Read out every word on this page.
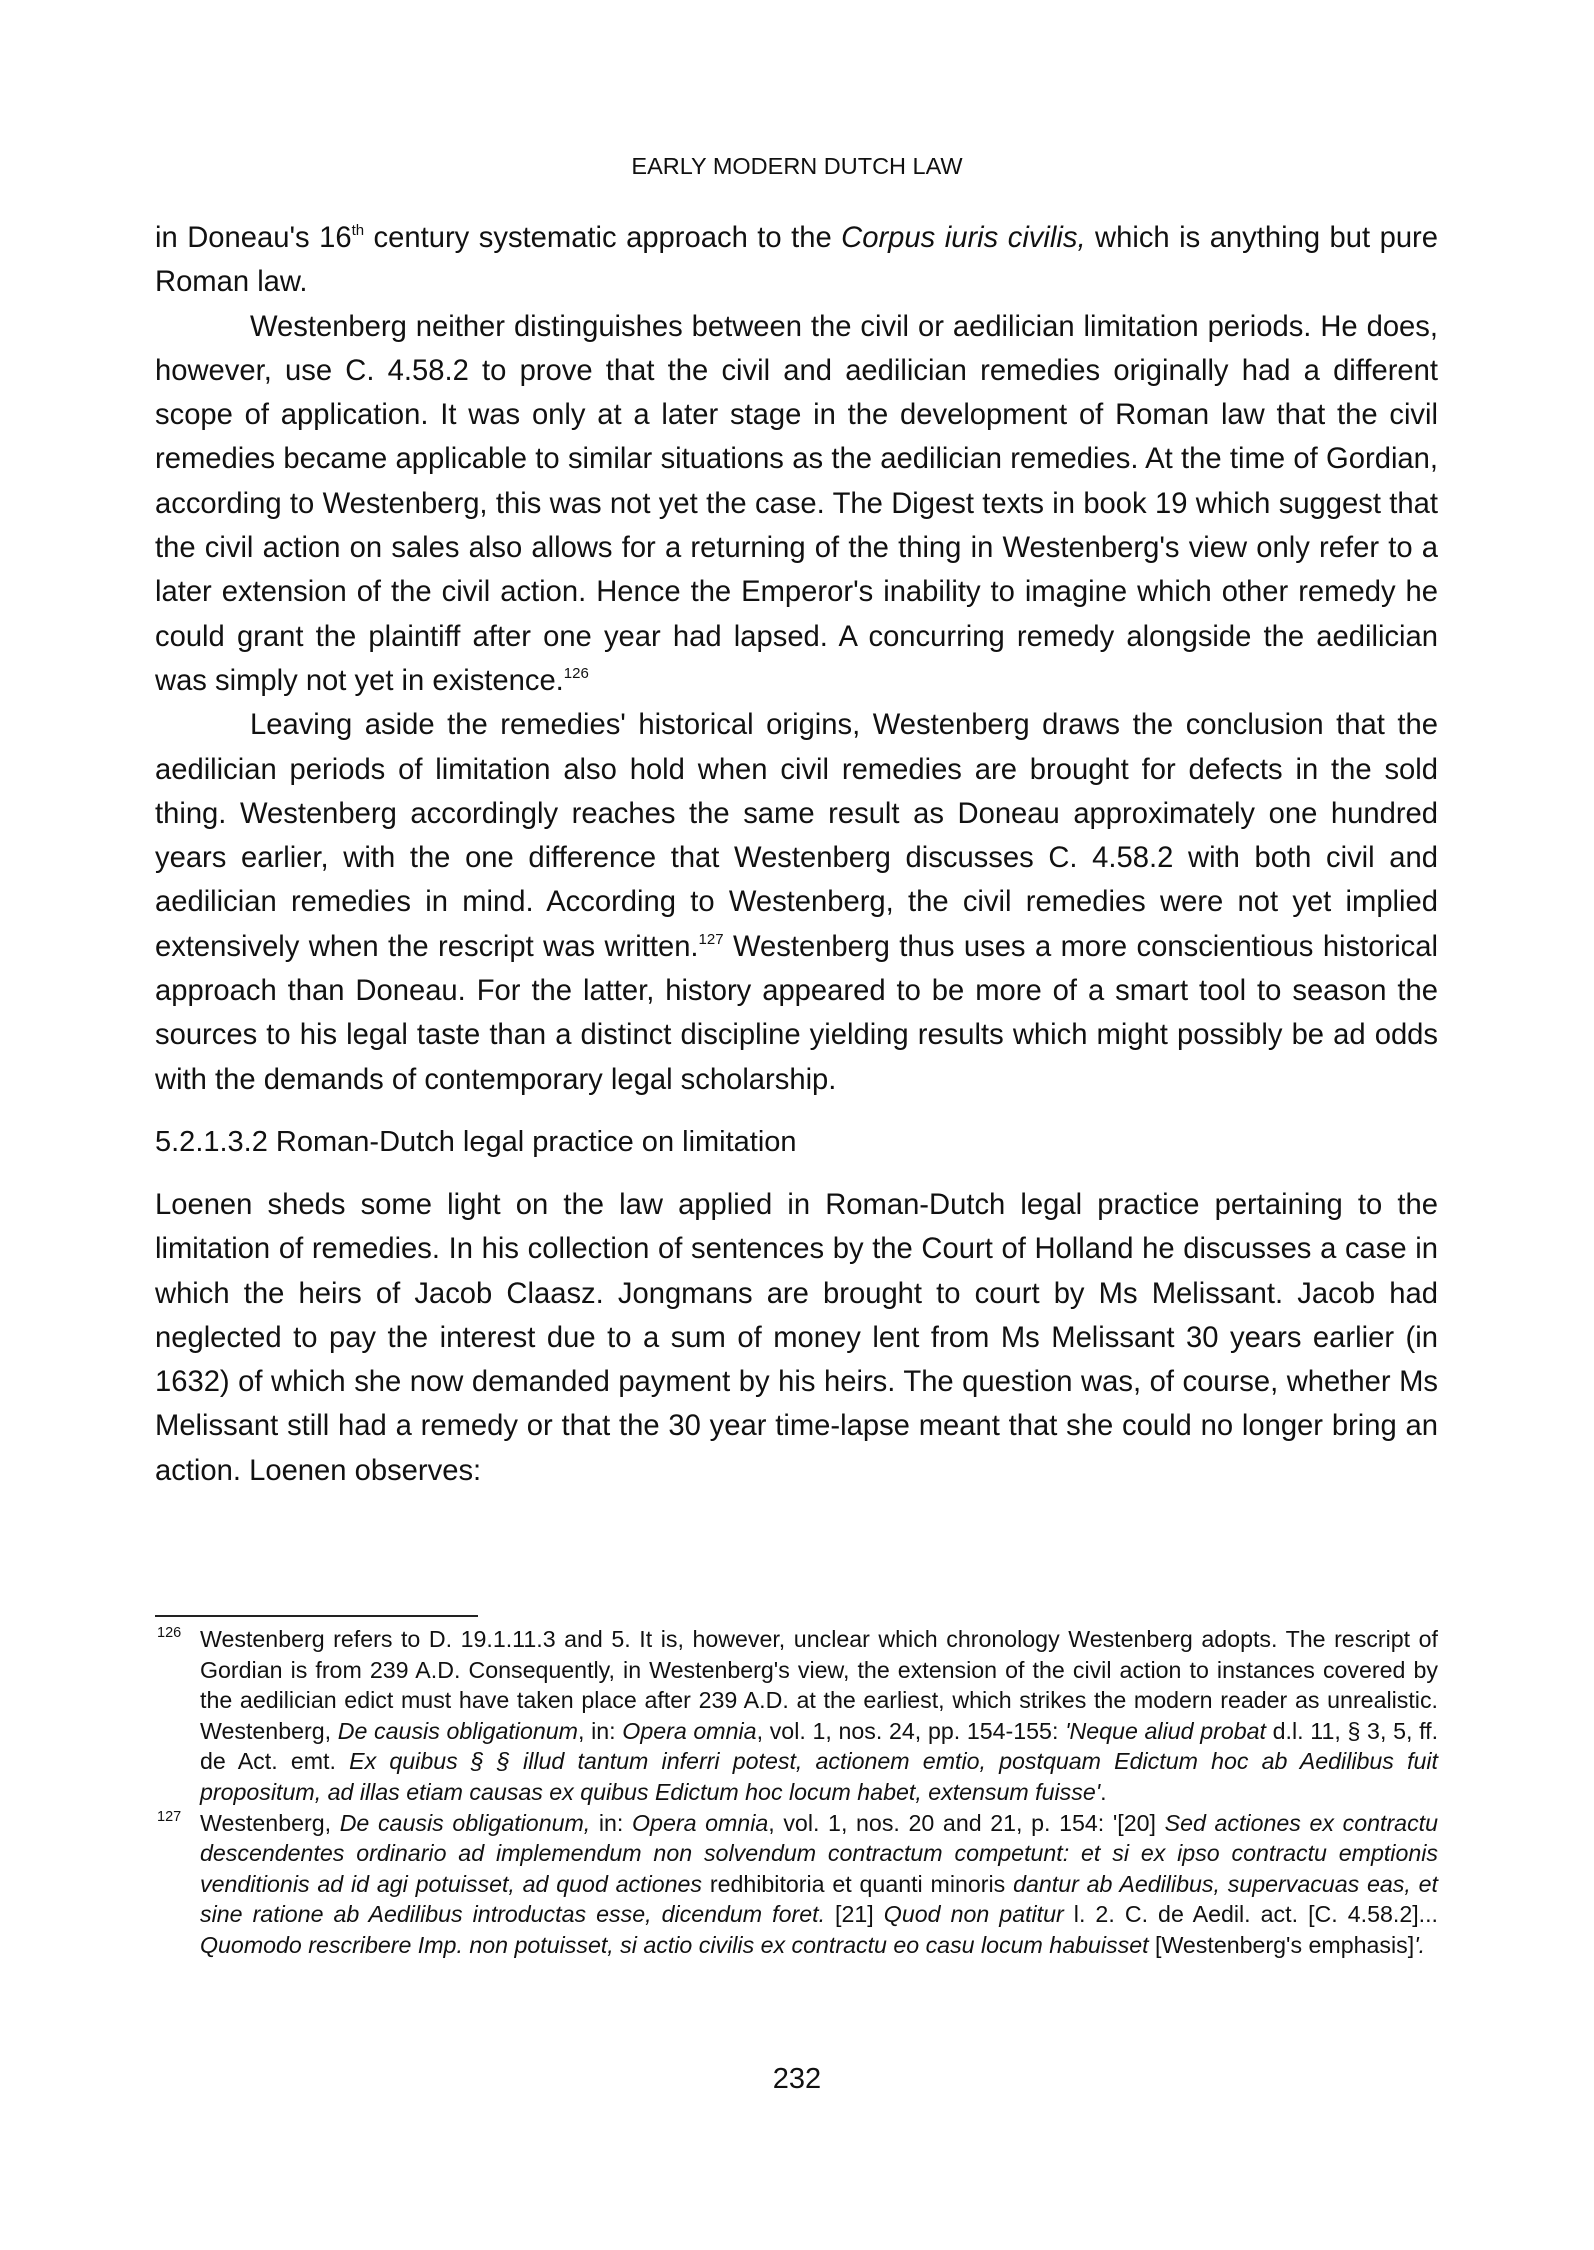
EARLY MODERN DUTCH LAW

in Doneau's 16th century systematic approach to the Corpus iuris civilis, which is anything but pure Roman law.

Westenberg neither distinguishes between the civil or aedilician limitation periods. He does, however, use C. 4.58.2 to prove that the civil and aedilician remedies originally had a different scope of application. It was only at a later stage in the development of Roman law that the civil remedies became applicable to similar situations as the aedilician remedies. At the time of Gordian, according to Westenberg, this was not yet the case. The Digest texts in book 19 which suggest that the civil action on sales also allows for a returning of the thing in Westenberg's view only refer to a later extension of the civil action. Hence the Emperor's inability to imagine which other remedy he could grant the plaintiff after one year had lapsed. A concurring remedy alongside the aedilician was simply not yet in existence.$^{126}$

Leaving aside the remedies' historical origins, Westenberg draws the conclusion that the aedilician periods of limitation also hold when civil remedies are brought for defects in the sold thing. Westenberg accordingly reaches the same result as Doneau approximately one hundred years earlier, with the one difference that Westenberg discusses C. 4.58.2 with both civil and aedilician remedies in mind. According to Westenberg, the civil remedies were not yet implied extensively when the rescript was written.$^{127}$ Westenberg thus uses a more conscientious historical approach than Doneau. For the latter, history appeared to be more of a smart tool to season the sources to his legal taste than a distinct discipline yielding results which might possibly be ad odds with the demands of contemporary legal scholarship.

5.2.1.3.2 Roman-Dutch legal practice on limitation

Loenen sheds some light on the law applied in Roman-Dutch legal practice pertaining to the limitation of remedies. In his collection of sentences by the Court of Holland he discusses a case in which the heirs of Jacob Claasz. Jongmans are brought to court by Ms Melissant. Jacob had neglected to pay the interest due to a sum of money lent from Ms Melissant 30 years earlier (in 1632) of which she now demanded payment by his heirs. The question was, of course, whether Ms Melissant still had a remedy or that the 30 year time-lapse meant that she could no longer bring an action. Loenen observes:

126 Westenberg refers to D. 19.1.11.3 and 5. It is, however, unclear which chronology Westenberg adopts. The rescript of Gordian is from 239 A.D. Consequently, in Westenberg's view, the extension of the civil action to instances covered by the aedilician edict must have taken place after 239 A.D. at the earliest, which strikes the modern reader as unrealistic. Westenberg, De causis obligationum, in: Opera omnia, vol. 1, nos. 24, pp. 154-155: 'Neque aliud probat d.l. 11, § 3, 5, ff. de Act. emt. Ex quibus § § illud tantum inferri potest, actionem emtio, postquam Edictum hoc ab Aedilibus fuit propositum, ad illas etiam causas ex quibus Edictum hoc locum habet, extensum fuisse'.
127 Westenberg, De causis obligationum, in: Opera omnia, vol. 1, nos. 20 and 21, p. 154: '[20] Sed actiones ex contractu descendentes ordinario ad implemendum non solvendum contractum competunt: et si ex ipso contractu emptionis venditionis ad id agi potuisset, ad quod actiones redhibitoria et quanti minoris dantur ab Aedilibus, supervacuas eas, et sine ratione ab Aedilibus introductas esse, dicendum foret. [21] Quod non patitur l. 2. C. de Aedil. act. [C. 4.58.2]... Quomodo rescribere Imp. non potuisset, si actio civilis ex contractu eo casu locum habuisset [Westenberg's emphasis]'.
232
